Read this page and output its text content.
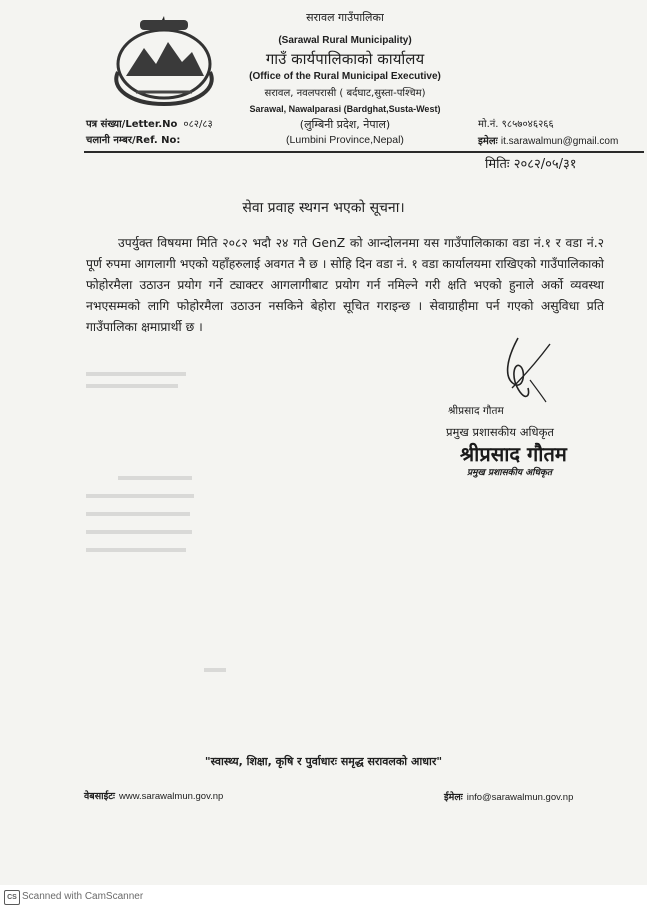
सरावल गाउँपालिका
(Sarawal Rural Municipality)
गाउँ कार्यपालिकाको कार्यालय
(Office of the Rural Municipal Executive)
सरावल, नवलपरासी ( बर्दघाट,सुस्ता-पश्चिम)
Sarawal, Nawalparasi (Bardghat,Susta-West)
(लुम्बिनी प्रदेश, नेपाल)
(Lumbini Province,Nepal)
पत्र संख्या/Letter.No ०८२/८३
चलानी नम्बर/Ref. No:
मो.नं. ९८५७०४६२६६
इमेलः it.sarawalmun@gmail.com
मितिः २०८२/०५/३१
सेवा प्रवाह स्थगन भएको सूचना।

उपर्युक्त विषयमा मिति २०८२ भदौ २४ गते GenZ को आन्दोलनमा यस गाउँपालिकाका वडा नं.१ र वडा नं.२ पूर्ण रुपमा आगलागी भएको यहाँहरुलाई अवगत नै छ । सोहि दिन वडा नं. १ वडा कार्यालयमा राखिएको गाउँपालिकाको फोहोरमैला उठाउन प्रयोग गर्ने ट्याक्टर आगलागीबाट प्रयोग गर्न नमिल्ने गरी क्षति भएको हुनाले अर्को व्यवस्था नभएसम्मको लागि फोहोरमैला उठाउन नसकिने बेहोरा सूचित गराइन्छ । सेवाग्राहीमा पर्न गएको असुविधा प्रति गाउँपालिका क्षमाप्रार्थी छ ।

श्रीप्रसाद गौतम
प्रमुख प्रशासकीय अधिकृत
श्रीप्रसाद गौतम
प्रमुख प्रशासकीय अधिकृत
"स्वास्थ्य, शिक्षा, कृषि र पुर्वाधारः समृद्ध सरावलको आधार"
वेबसाईटः www.sarawalmun.gov.np	ईमेलः info@sarawalmun.gov.np
CS Scanned with CamScanner
